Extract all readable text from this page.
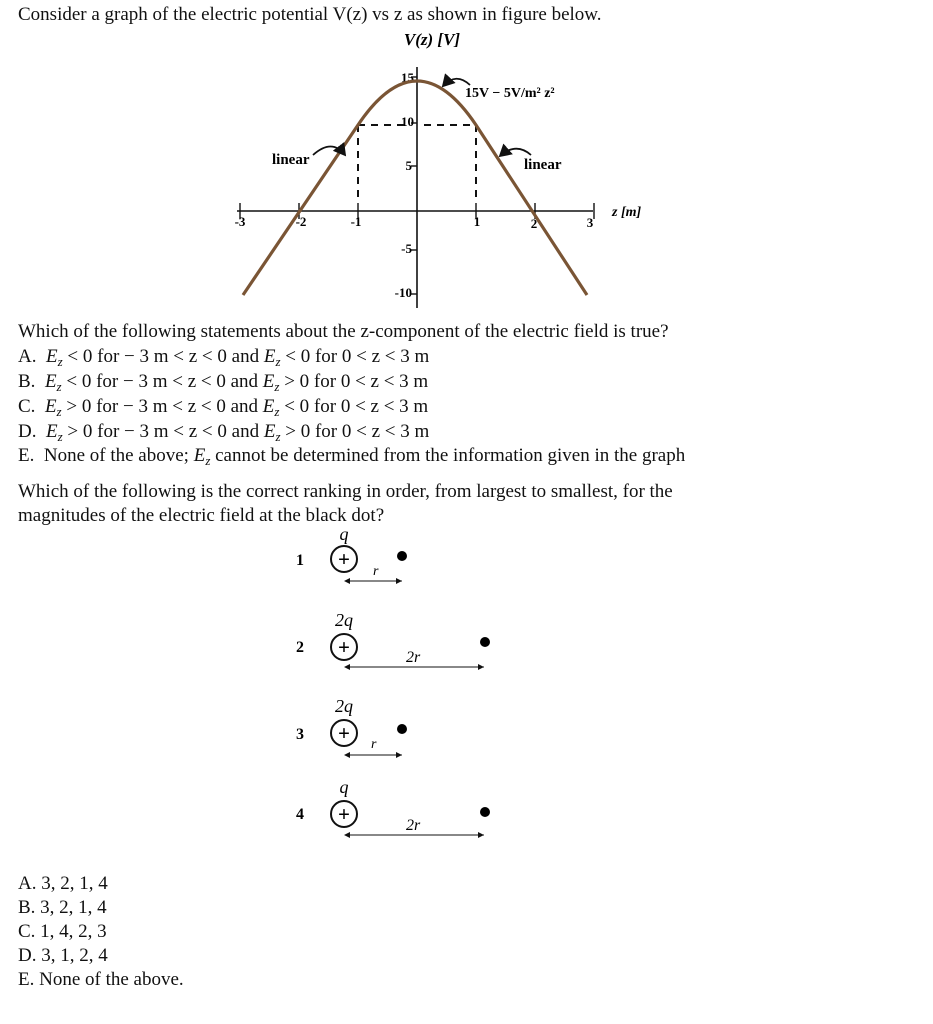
Consider a graph of the electric potential V(z) vs z as shown in figure below.
V(z) [V]
-3	-2	-1	1	2	3
z [m]
15
10
5
-5
-10
linear	linear
15V − 5V/m² z²
Which of the following statements about the z-component of the electric field is true?
A. $E_z < 0$ for − 3 m < z < 0 and $E_z < 0$ for 0 < z < 3 m
B. $E_z < 0$ for − 3 m < z < 0 and $E_z > 0$ for 0 < z < 3 m
C. $E_z > 0$ for − 3 m < z < 0 and $E_z < 0$ for 0 < z < 3 m
D. $E_z > 0$ for − 3 m < z < 0 and $E_z > 0$ for 0 < z < 3 m
E. None of the above; $E_z$ cannot be determined from the information given in the graph
Which of the following is the correct ranking in order, from largest to smallest, for the
magnitudes of the electric field at the black dot?
1
q
+
r
2
2q
+	2r
3
2q
+ r
4
q
+	2r
A. 3, 2, 1, 4
B. 3, 2, 1, 4
C. 1, 4, 2, 3
D. 3, 1, 2, 4
E. None of the above.
